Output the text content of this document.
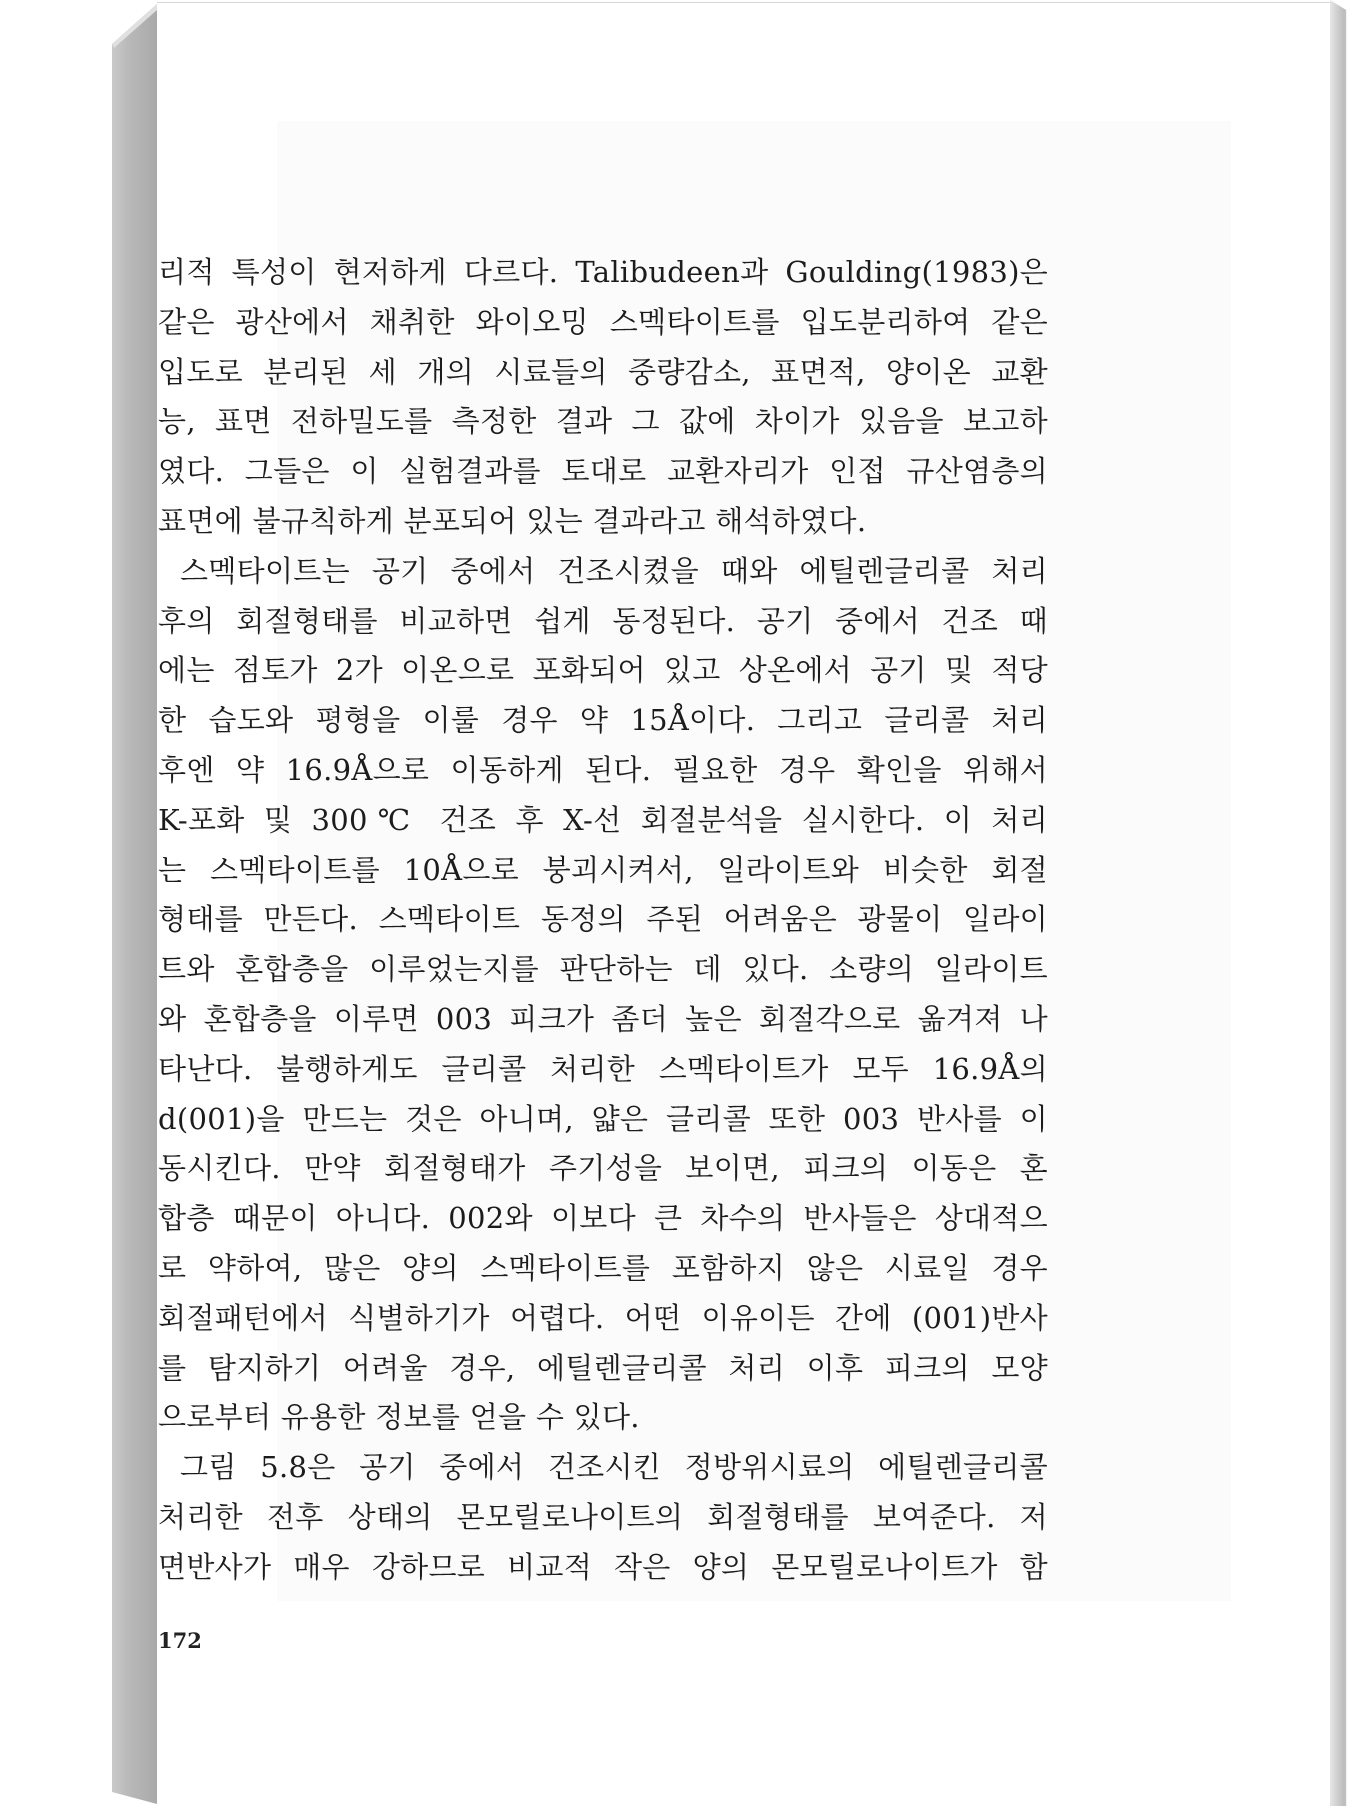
리적 특성이 현저하게 다르다. Talibudeen과 Goulding(1983)은
같은 광산에서 채취한 와이오밍 스멕타이트를 입도분리하여 같은
입도로 분리된 세 개의 시료들의 중량감소, 표면적, 양이온 교환
능, 표면 전하밀도를 측정한 결과 그 값에 차이가 있음을 보고하
였다. 그들은 이 실험결과를 토대로 교환자리가 인접 규산염층의
표면에 불규칙하게 분포되어 있는 결과라고 해석하였다.
스멕타이트는 공기 중에서 건조시켰을 때와 에틸렌글리콜 처리
후의 회절형태를 비교하면 쉽게 동정된다. 공기 중에서 건조 때
에는 점토가 2가 이온으로 포화되어 있고 상온에서 공기 및 적당
한 습도와 평형을 이룰 경우 약 15Å이다. 그리고 글리콜 처리
후엔 약 16.9Å으로 이동하게 된다. 필요한 경우 확인을 위해서
K-포화 및 300℃ 건조 후 X-선 회절분석을 실시한다. 이 처리
는 스멕타이트를 10Å으로 붕괴시켜서, 일라이트와 비슷한 회절
형태를 만든다. 스멕타이트 동정의 주된 어려움은 광물이 일라이
트와 혼합층을 이루었는지를 판단하는 데 있다. 소량의 일라이트
와 혼합층을 이루면 003 피크가 좀더 높은 회절각으로 옮겨져 나
타난다. 불행하게도 글리콜 처리한 스멕타이트가 모두 16.9Å의
d(001)을 만드는 것은 아니며, 얇은 글리콜 또한 003 반사를 이
동시킨다. 만약 회절형태가 주기성을 보이면, 피크의 이동은 혼
합층 때문이 아니다. 002와 이보다 큰 차수의 반사들은 상대적으
로 약하여, 많은 양의 스멕타이트를 포함하지 않은 시료일 경우
회절패턴에서 식별하기가 어렵다. 어떤 이유이든 간에 (001)반사
를 탐지하기 어려울 경우, 에틸렌글리콜 처리 이후 피크의 모양
으로부터 유용한 정보를 얻을 수 있다.
그림 5.8은 공기 중에서 건조시킨 정방위시료의 에틸렌글리콜
처리한 전후 상태의 몬모릴로나이트의 회절형태를 보여준다. 저
면반사가 매우 강하므로 비교적 작은 양의 몬모릴로나이트가 함
172
